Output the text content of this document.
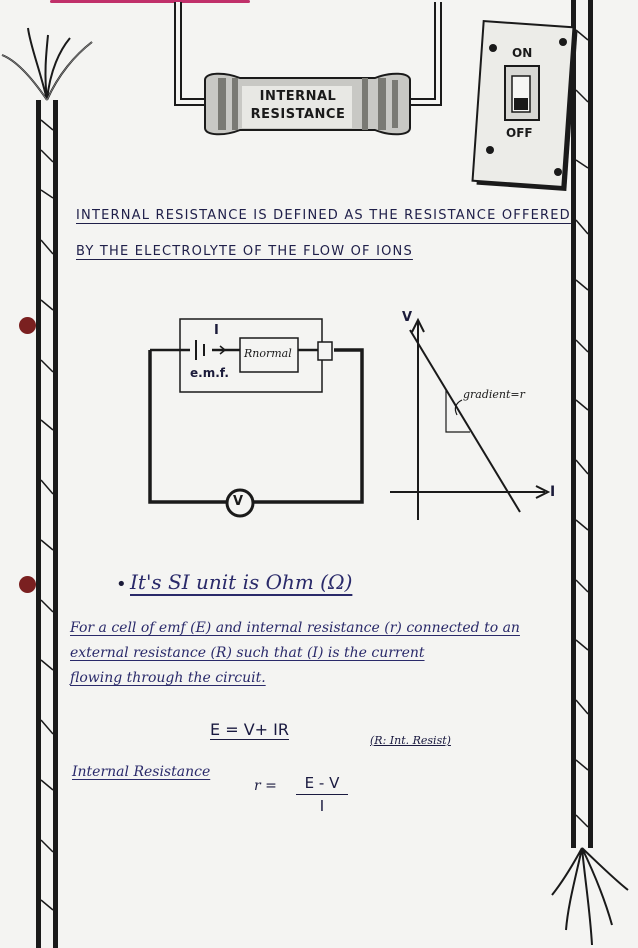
INTERNAL
RESISTANCE
ON
OFF
INTERNAL RESISTANCE IS DEFINED AS THE RESISTANCE OFFERED
BY THE ELECTROLYTE OF THE FLOW OF IONS
I
e.m.f.
Rnormal
V
V
I
gradient=r
• It's SI unit is Ohm (Ω)
For a cell of emf (E) and internal resistance (r) connected to an
external resistance (R) such that (I) is the current
flowing through the circuit.
E = V+ IR
(R: Int. Resist)
Internal Resistance
$r = \frac{E - V}{I}$
